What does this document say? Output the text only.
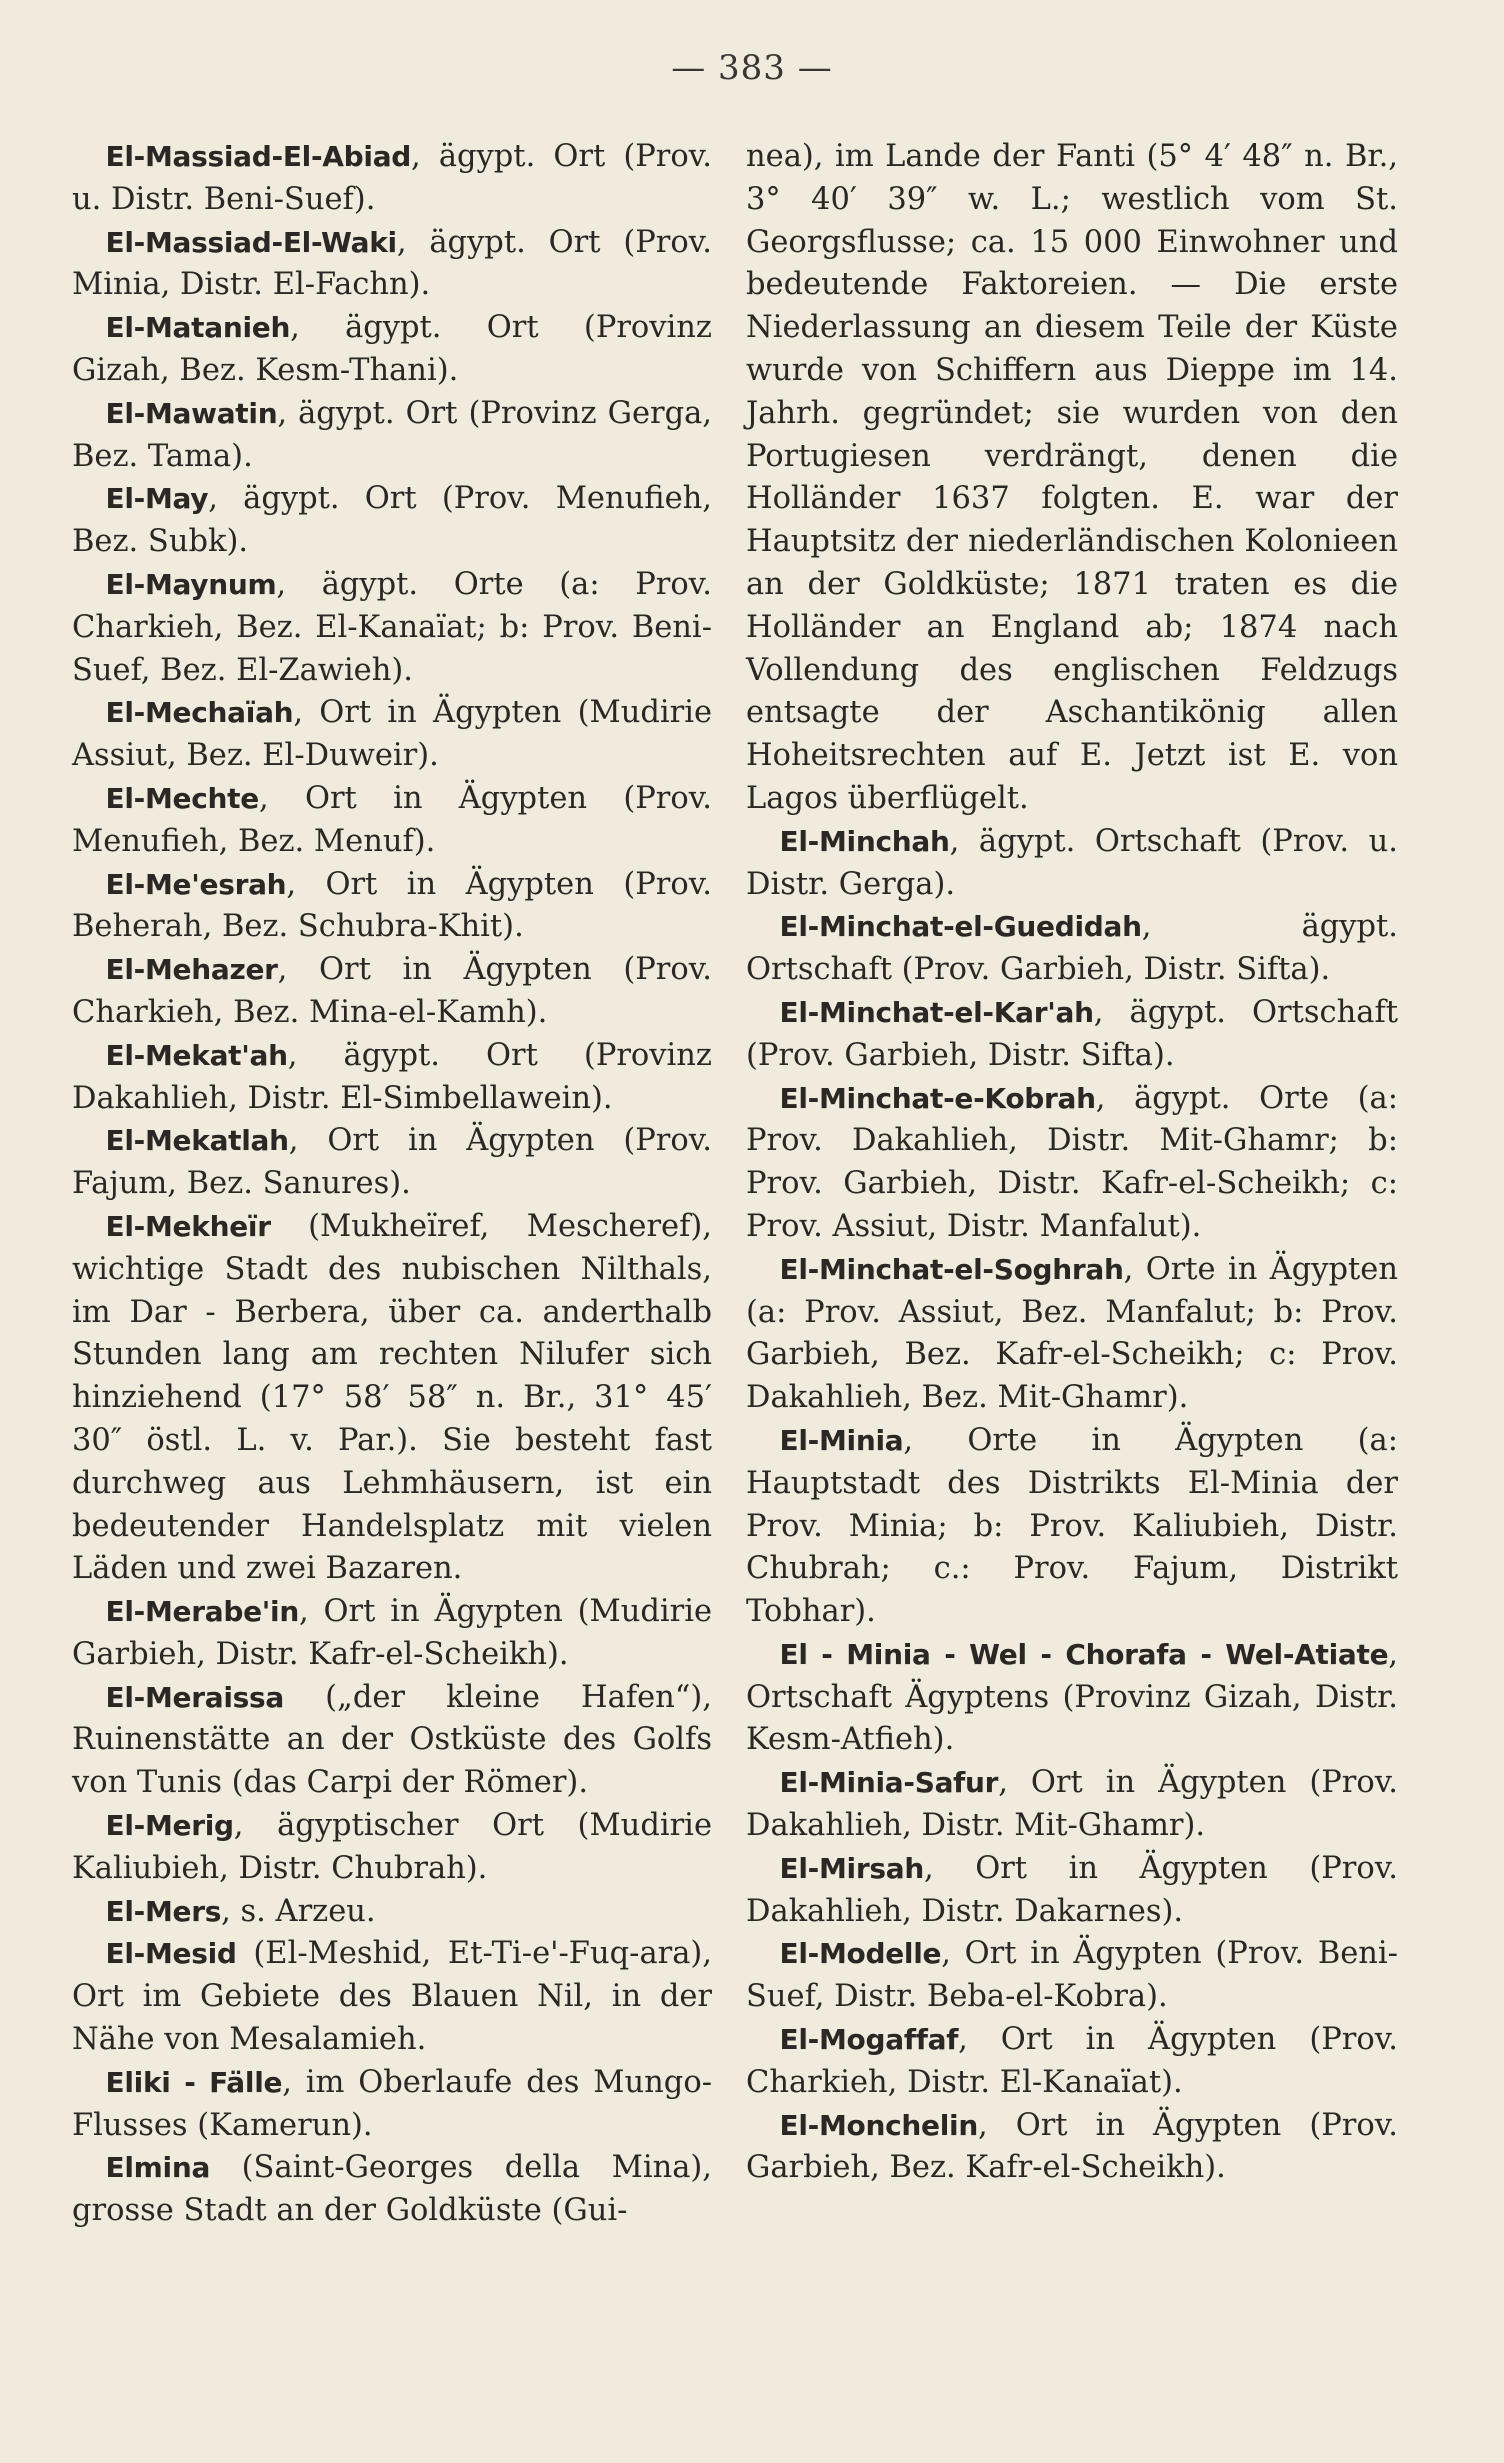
— 383 —

El-Massiad-El-Abiad, ägypt. Ort (Prov. u. Distr. Beni-Suef).

El-Massiad-El-Waki, ägypt. Ort (Prov. Minia, Distr. El-Fachn).

El-Matanieh, ägypt. Ort (Provinz Gizah, Bez. Kesm-Thani).

El-Mawatin, ägypt. Ort (Provinz Gerga, Bez. Tama).

El-May, ägypt. Ort (Prov. Menufieh, Bez. Subk).

El-Maynum, ägypt. Orte (a: Prov. Charkieh, Bez. El-Kanaïat; b: Prov. Beni-Suef, Bez. El-Zawieh).

El-Mechaïah, Ort in Ägypten (Mudirie Assiut, Bez. El-Duweir).

El-Mechte, Ort in Ägypten (Prov. Menufieh, Bez. Menuf).

El-Me'esrah, Ort in Ägypten (Prov. Beherah, Bez. Schubra-Khit).

El-Mehazer, Ort in Ägypten (Prov. Charkieh, Bez. Mina-el-Kamh).

El-Mekat'ah, ägypt. Ort (Provinz Dakahlieh, Distr. El-Simbellawein).

El-Mekatlah, Ort in Ägypten (Prov. Fajum, Bez. Sanures).

El-Mekheïr (Mukheïref, Mescheref), wichtige Stadt des nubischen Nilthals, im Dar - Berbera, über ca. anderthalb Stunden lang am rechten Nilufer sich hinziehend (17° 58′ 58″ n. Br., 31° 45′ 30″ östl. L. v. Par.). Sie besteht fast durchweg aus Lehmhäusern, ist ein bedeutender Handelsplatz mit vielen Läden und zwei Bazaren.

El-Merabe'in, Ort in Ägypten (Mudirie Garbieh, Distr. Kafr-el-Scheikh).

El-Meraissa („der kleine Hafen“), Ruinenstätte an der Ostküste des Golfs von Tunis (das Carpi der Römer).

El-Merig, ägyptischer Ort (Mudirie Kaliubieh, Distr. Chubrah).

El-Mers, s. Arzeu.

El-Mesid (El-Meshid, Et-Ti-e'-Fuq-ara), Ort im Gebiete des Blauen Nil, in der Nähe von Mesalamieh.

Eliki - Fälle, im Oberlaufe des Mungo-Flusses (Kamerun).

Elmina (Saint-Georges della Mina), grosse Stadt an der Goldküste (Gui-

nea), im Lande der Fanti (5° 4′ 48″ n. Br., 3° 40′ 39″ w. L.; westlich vom St. Georgsflusse; ca. 15 000 Einwohner und bedeutende Faktoreien. — Die erste Niederlassung an diesem Teile der Küste wurde von Schiffern aus Dieppe im 14. Jahrh. gegründet; sie wurden von den Portugiesen verdrängt, denen die Holländer 1637 folgten. E. war der Hauptsitz der niederländischen Kolonieen an der Goldküste; 1871 traten es die Holländer an England ab; 1874 nach Vollendung des englischen Feldzugs entsagte der Aschantikönig allen Hoheitsrechten auf E. Jetzt ist E. von Lagos überflügelt.

El-Minchah, ägypt. Ortschaft (Prov. u. Distr. Gerga).

El-Minchat-el-Guedidah, ägypt. Ortschaft (Prov. Garbieh, Distr. Sifta).

El-Minchat-el-Kar'ah, ägypt. Ortschaft (Prov. Garbieh, Distr. Sifta).

El-Minchat-e-Kobrah, ägypt. Orte (a: Prov. Dakahlieh, Distr. Mit-Ghamr; b: Prov. Garbieh, Distr. Kafr-el-Scheikh; c: Prov. Assiut, Distr. Manfalut).

El-Minchat-el-Soghrah, Orte in Ägypten (a: Prov. Assiut, Bez. Manfalut; b: Prov. Garbieh, Bez. Kafr-el-Scheikh; c: Prov. Dakahlieh, Bez. Mit-Ghamr).

El-Minia, Orte in Ägypten (a: Hauptstadt des Distrikts El-Minia der Prov. Minia; b: Prov. Kaliubieh, Distr. Chubrah; c.: Prov. Fajum, Distrikt Tobhar).

El - Minia - Wel - Chorafa - Wel-Atiate, Ortschaft Ägyptens (Provinz Gizah, Distr. Kesm-Atfieh).

El-Minia-Safur, Ort in Ägypten (Prov. Dakahlieh, Distr. Mit-Ghamr).

El-Mirsah, Ort in Ägypten (Prov. Dakahlieh, Distr. Dakarnes).

El-Modelle, Ort in Ägypten (Prov. Beni-Suef, Distr. Beba-el-Kobra).

El-Mogaffaf, Ort in Ägypten (Prov. Charkieh, Distr. El-Kanaïat).

El-Monchelin, Ort in Ägypten (Prov. Garbieh, Bez. Kafr-el-Scheikh).
